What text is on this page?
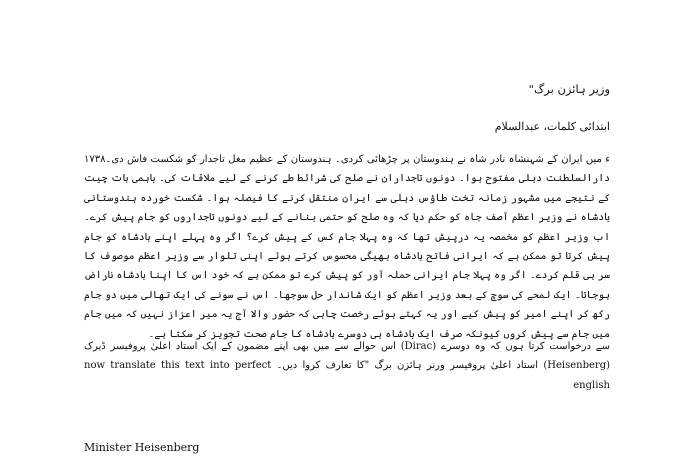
وزیر ہائزن برگ"

ابتدائی کلمات، عبدالسلام

ء میں ایران کے شہنشاہ نادر شاہ نے ہندوستان پر چڑھائی کردی۔ ہندوستان کے عظیم مغل تاجدار کو شکست فاش دی۔۱۷۳۸ دارالسلطنت دہلی مفتوح ہوا۔ دونوں تاجداران نے صلح کی شرائط طے کرنے کے لیے ملاقات کی۔ باہمی بات چیت کے نتیجے میں مشہور زمانہ تخت طاؤس دہلی سے ایران منتقل کرنے کا فیصلہ ہوا۔ شکست خوردہ ہندوستانی بادشاہ نے وزیر اعظم آصف جاہ کو حکم دیا کہ وہ صلح کو حتمی بنانے کے لیے دونوں تاجداروں کو جام پیش کرے۔ اب وزیر اعظم کو مخمصہ یہ درپیش تھا کہ وہ پہلا جام کس کے پیش کرے؟ اگر وہ پہلے اپنے بادشاہ کو جام پیش کرتا تو ممکن ہے کہ ایرانی فاتح بادشاہ بھیگی محسوس کرتے ہوئے اپنی تلوار سے وزیر اعظم موصوف کا سر ہی قلم کردے۔ اگر وہ پہلا جام ایرانی حملہ آور کو پیش کرے تو ممکن ہے کہ خود اس کا اپنا بادشاہ ناراض ہوجاتا۔ ایک لمحے کی سوچ کے بعد وزیر اعظم کو ایک شاندار حل سوجھا۔ اس نے سونے کی ایک تھالی میں دو جام رکھ کر اپنے امیر کو پیش کیے اور یہ کہتے ہوئے رخصت چاہی کہ حضور والا آج یہ میر اعزاز نہیں کہ میں جام میں جام سے پیش کروں کیونکہ صرف ایک بادشاہ ہی دوسرے بادشاہ کا جام صحت تجویز کر سکتا ہے۔

سے درخواست کرتا ہوں کہ وہ دوسرے (Dirac) اس حوالے سے میں بھی اپنے مضمون کے ایک استاد اعلیٰ پروفیسر ڈیرک (Heisenberg) استاد اعلیٰ پروفیسر ورنر ہائزن برگ "کا تعارف کروا دیں۔ now translate this text into perfect english

Minister Heisenberg
